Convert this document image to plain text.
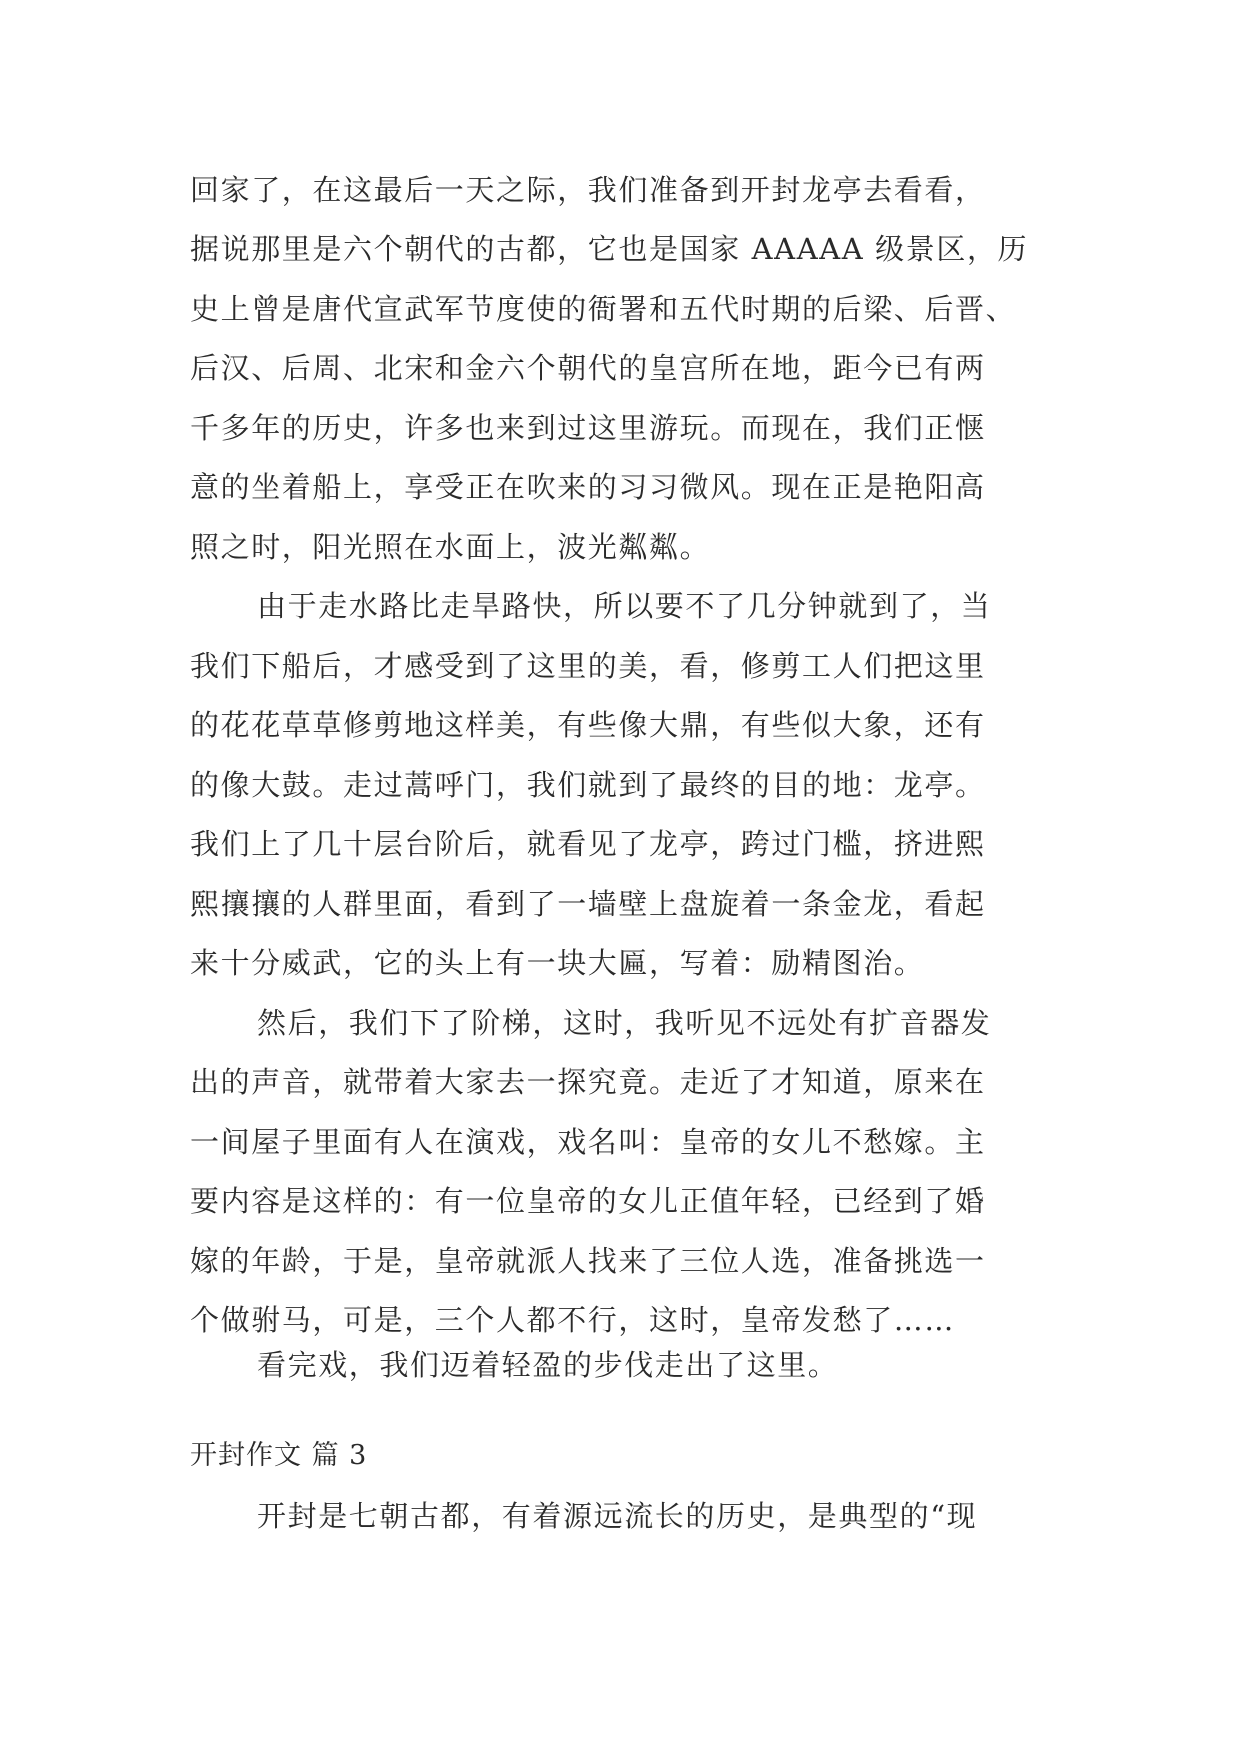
回家了，在这最后一天之际，我们准备到开封龙亭去看看，
据说那里是六个朝代的古都，它也是国家 AAAAA 级景区，历
史上曾是唐代宣武军节度使的衙署和五代时期的后梁、后晋、
后汉、后周、北宋和金六个朝代的皇宫所在地，距今已有两
千多年的历史，许多也来到过这里游玩。而现在，我们正惬
意的坐着船上，享受正在吹来的习习微风。现在正是艳阳高
照之时，阳光照在水面上，波光粼粼。
由于走水路比走旱路快，所以要不了几分钟就到了，当
我们下船后，才感受到了这里的美，看，修剪工人们把这里
的花花草草修剪地这样美，有些像大鼎，有些似大象，还有
的像大鼓。走过蒿呼门，我们就到了最终的目的地：龙亭。
我们上了几十层台阶后，就看见了龙亭，跨过门槛，挤进熙
熙攘攘的人群里面，看到了一墙壁上盘旋着一条金龙，看起
来十分威武，它的头上有一块大匾，写着：励精图治。
然后，我们下了阶梯，这时，我听见不远处有扩音器发
出的声音，就带着大家去一探究竟。走近了才知道，原来在
一间屋子里面有人在演戏，戏名叫：皇帝的女儿不愁嫁。主
要内容是这样的：有一位皇帝的女儿正值年轻，已经到了婚
嫁的年龄，于是，皇帝就派人找来了三位人选，准备挑选一
个做驸马，可是，三个人都不行，这时，皇帝发愁了……
看完戏，我们迈着轻盈的步伐走出了这里。
开封作文 篇 3
开封是七朝古都，有着源远流长的历史，是典型的“现
